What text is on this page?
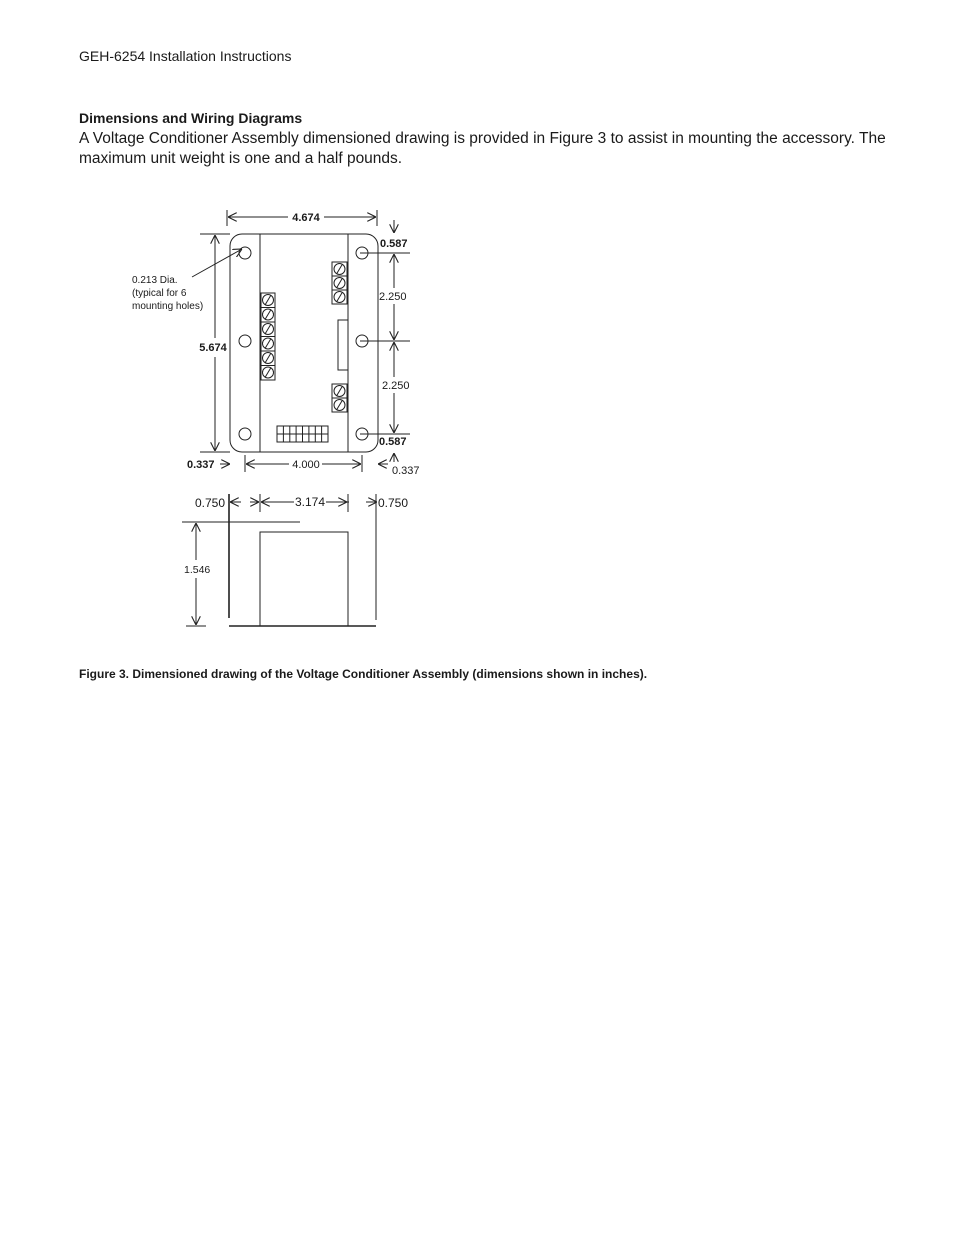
GEH-6254 Installation Instructions
Dimensions and Wiring Diagrams
A Voltage Conditioner Assembly dimensioned drawing is provided in Figure 3 to assist in mounting the accessory. The maximum unit weight is one and a half pounds.
4.674
5.674
0.587
2.250
2.250
0.587
0.337	0.337
4.000
0.750	3.174	0.750
1.546
0.213 Dia.
(typical for 6
mounting holes)
Figure 3. Dimensioned drawing of the Voltage Conditioner Assembly (dimensions shown in inches).
